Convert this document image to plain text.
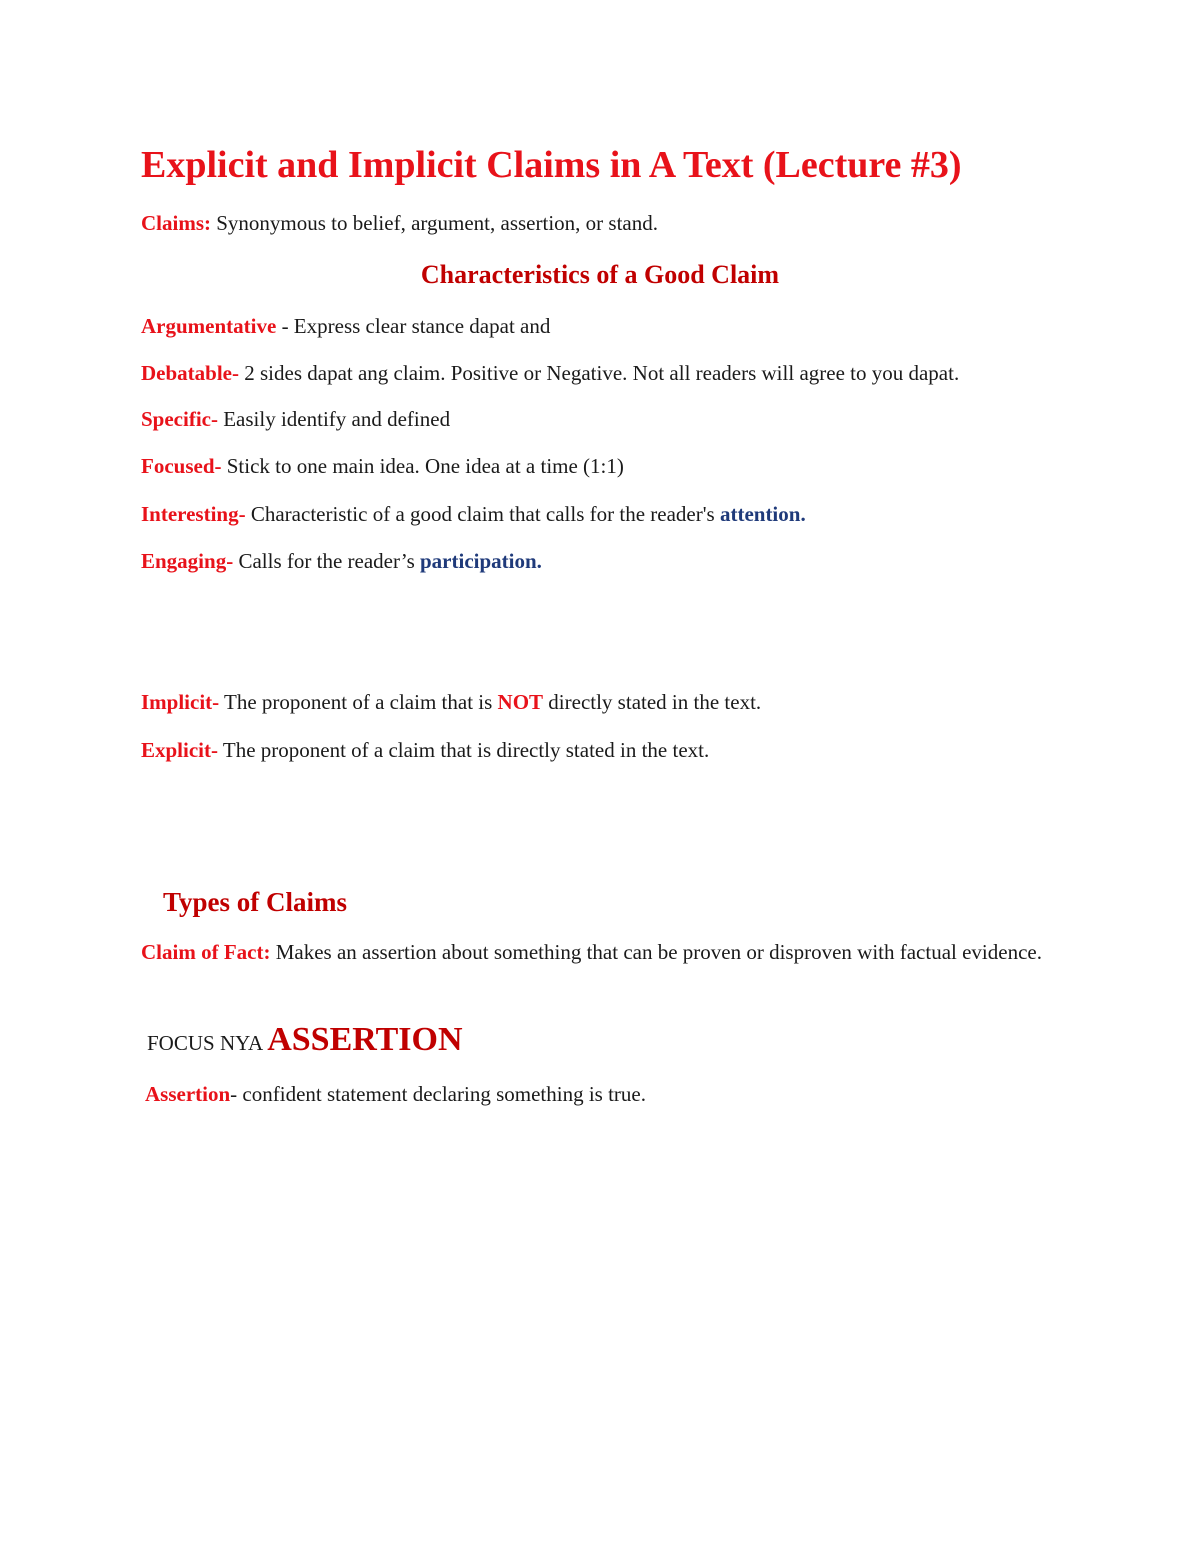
Explicit and Implicit Claims in A Text (Lecture #3)
Claims: Synonymous to belief, argument, assertion, or stand.
Characteristics of a Good Claim
Argumentative - Express clear stance dapat and
Debatable- 2 sides dapat ang claim. Positive or Negative. Not all readers will agree to you dapat.
Specific- Easily identify and defined
Focused- Stick to one main idea. One idea at a time (1:1)
Interesting- Characteristic of a good claim that calls for the reader's attention.
Engaging- Calls for the reader’s participation.
Implicit- The proponent of a claim that is NOT directly stated in the text.
Explicit- The proponent of a claim that is directly stated in the text.
Types of Claims
Claim of Fact: Makes an assertion about something that can be proven or disproven with factual evidence.
FOCUS NYA ASSERTION
Assertion- confident statement declaring something is true.
